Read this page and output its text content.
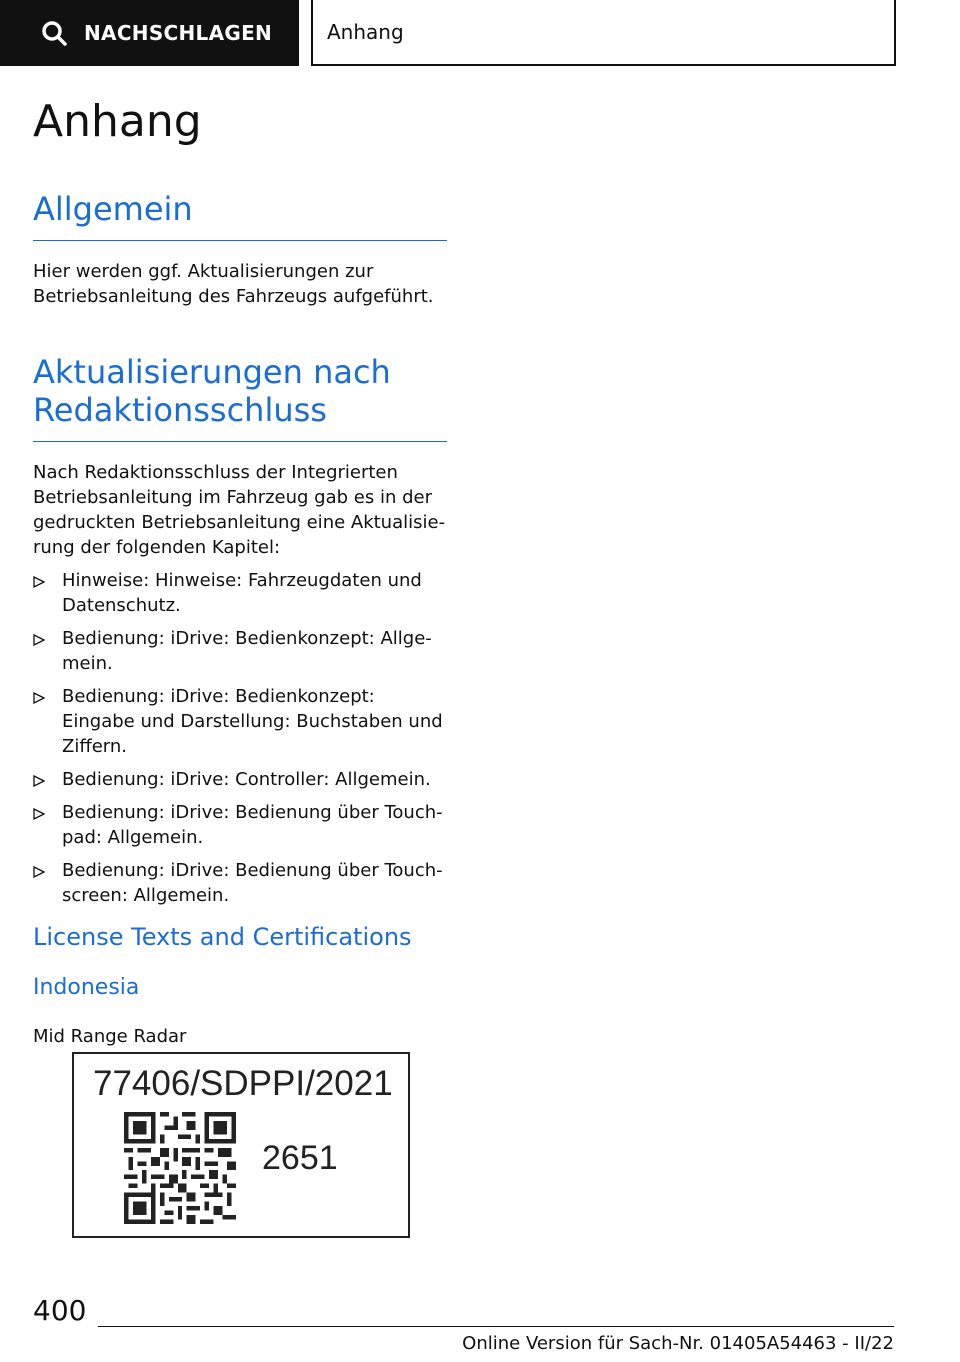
NACHSCHLAGEN	Anhang
Anhang
Allgemein

Hier werden ggf. Aktualisierungen zur Betriebsanleitung des Fahrzeugs aufgeführt.

Aktualisierungen nach
Redaktionsschluss

Nach Redaktionsschluss der Integrierten Betriebsanleitung im Fahrzeug gab es in der gedruckten Betriebsanleitung eine Aktualisierung der folgenden Kapitel:

Hinweise: Hinweise: Fahrzeugdaten und Datenschutz.
Bedienung: iDrive: Bedienkonzept: Allgemein.
Bedienung: iDrive: Bedienkonzept: Eingabe und Darstellung: Buchstaben und Ziffern.
Bedienung: iDrive: Controller: Allgemein.
Bedienung: iDrive: Bedienung über Touchpad: Allgemein.
Bedienung: iDrive: Bedienung über Touchscreen: Allgemein.
License Texts and Certifications
Indonesia

Mid Range Radar

77406/SDPPI/2021
2651
400
Online Version für Sach-Nr. 01405A54463 - II/22
